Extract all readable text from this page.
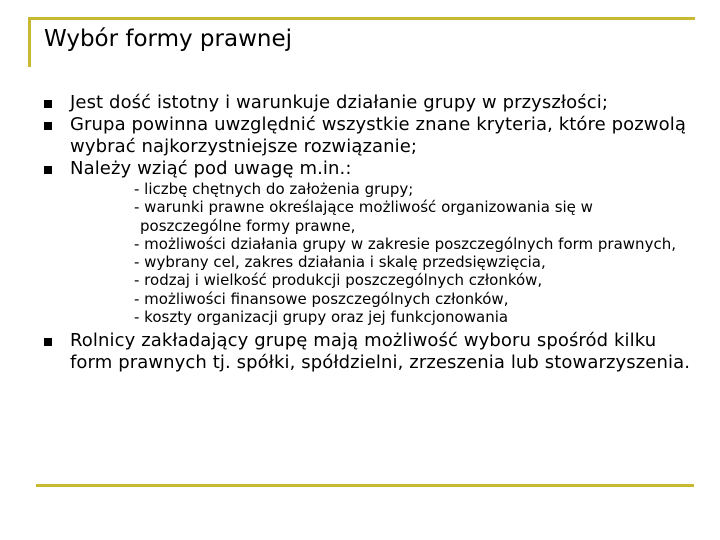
Wybór formy prawnej
Jest dość istotny i warunkuje działanie grupy w przyszłości;
Grupa powinna uwzględnić wszystkie znane kryteria, które pozwolą wybrać najkorzystniejsze rozwiązanie;
Należy wziąć pod uwagę m.in.:
- liczbę chętnych do założenia grupy;
- warunki prawne określające możliwość organizowania się w poszczególne formy prawne,
- możliwości działania grupy w zakresie poszczególnych form prawnych,
- wybrany cel, zakres działania i skalę przedsięwzięcia,
- rodzaj i wielkość produkcji poszczególnych członków,
- możliwości finansowe poszczególnych członków,
- koszty organizacji grupy oraz jej funkcjonowania
Rolnicy zakładający grupę mają możliwość wyboru spośród kilku form prawnych tj. spółki, spółdzielni, zrzeszenia lub stowarzyszenia.
